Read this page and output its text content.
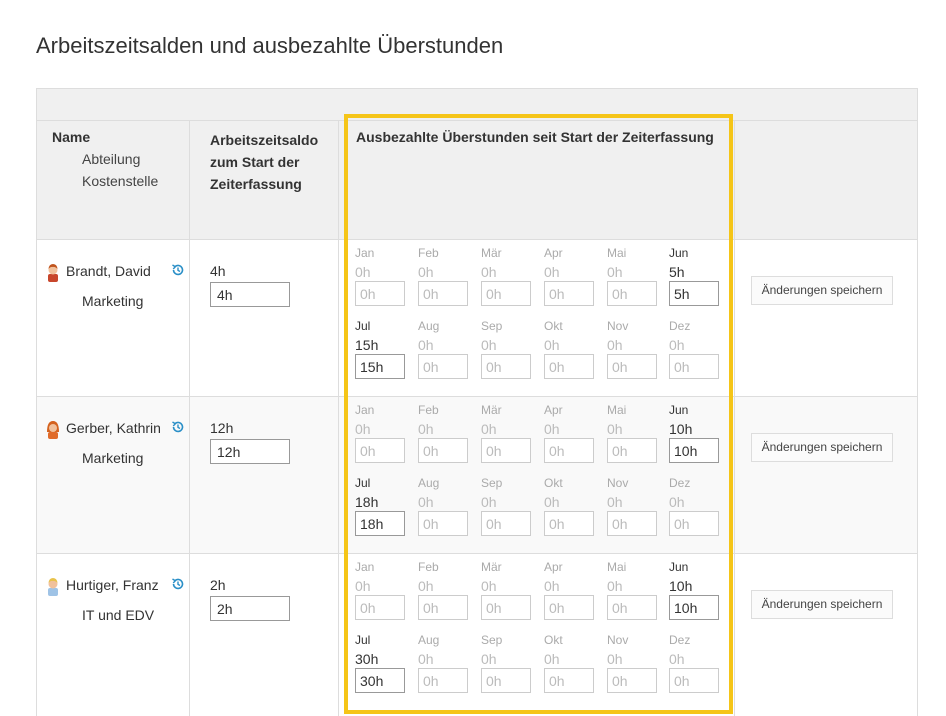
Arbeitszeitsalden und ausbezahlte Überstunden
Name
Abteilung
Kostenstelle
Arbeitszeitsaldo zum Start der Zeiterfassung
Ausbezahlte Überstunden seit Start der Zeiterfassung
Brandt, David
Marketing
4h
4h
Jan
0h
0h
Feb
0h
0h
Mär
0h
0h
Apr
0h
0h
Mai
0h
0h
Jun
5h
5h
Jul
15h
15h
Aug
0h
0h
Sep
0h
0h
Okt
0h
0h
Nov
0h
0h
Dez
0h
0h
Änderungen speichern
Gerber, Kathrin
Marketing
12h
12h
Jan
0h
0h
Feb
0h
0h
Mär
0h
0h
Apr
0h
0h
Mai
0h
0h
Jun
10h
10h
Jul
18h
18h
Aug
0h
0h
Sep
0h
0h
Okt
0h
0h
Nov
0h
0h
Dez
0h
0h
Änderungen speichern
Hurtiger, Franz
IT und EDV
2h
2h
Jan
0h
0h
Feb
0h
0h
Mär
0h
0h
Apr
0h
0h
Mai
0h
0h
Jun
10h
10h
Jul
30h
30h
Aug
0h
0h
Sep
0h
0h
Okt
0h
0h
Nov
0h
0h
Dez
0h
0h
Änderungen speichern
